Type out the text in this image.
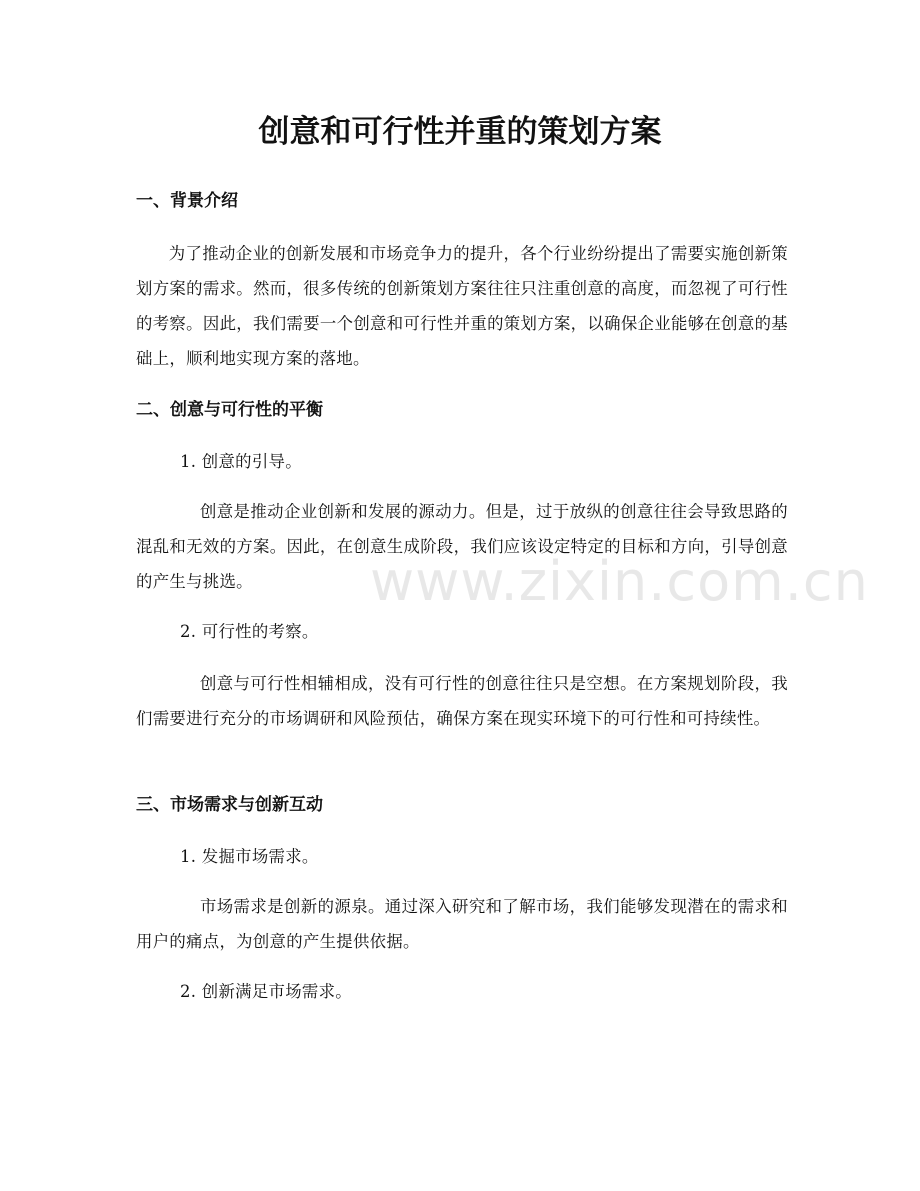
创意和可行性并重的策划方案
一、背景介绍

为了推动企业的创新发展和市场竞争力的提升，各个行业纷纷提出了需要实施创新策划方案的需求。然而，很多传统的创新策划方案往往只注重创意的高度，而忽视了可行性的考察。因此，我们需要一个创意和可行性并重的策划方案，以确保企业能够在创意的基础上，顺利地实现方案的落地。

二、创意与可行性的平衡

1. 创意的引导。

创意是推动企业创新和发展的源动力。但是，过于放纵的创意往往会导致思路的混乱和无效的方案。因此，在创意生成阶段，我们应该设定特定的目标和方向，引导创意的产生与挑选。

2. 可行性的考察。

创意与可行性相辅相成，没有可行性的创意往往只是空想。在方案规划阶段，我们需要进行充分的市场调研和风险预估，确保方案在现实环境下的可行性和可持续性。

三、市场需求与创新互动

1. 发掘市场需求。

市场需求是创新的源泉。通过深入研究和了解市场，我们能够发现潜在的需求和用户的痛点，为创意的产生提供依据。

2. 创新满足市场需求。

www.zixin.com.cn
